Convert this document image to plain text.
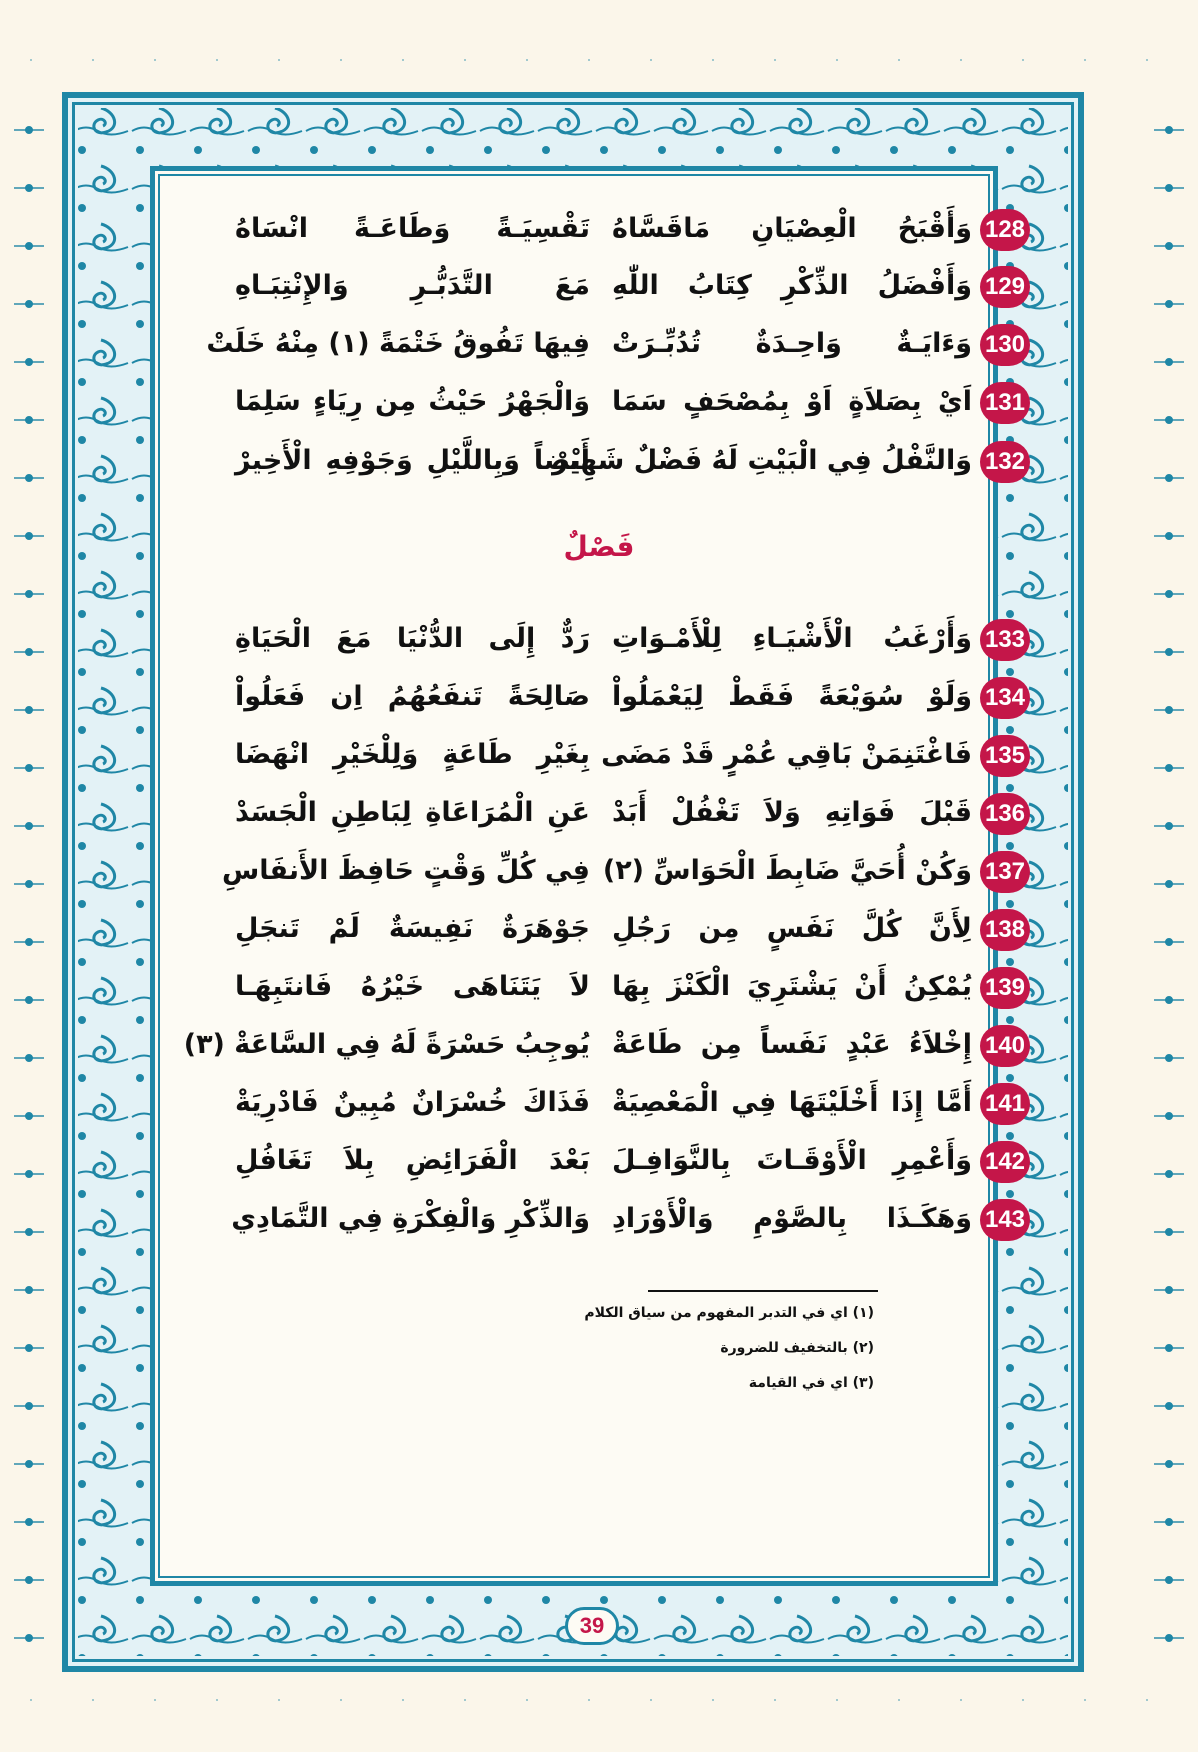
128
وَأَقْبَحُ الْعِصْيَانِ مَاقَسَّاهُ
تَقْسِيَـةً وَطَاعَـةً انْسَاهُ
129
وَأَفْضَلُ الذِّكْرِ كِتَابُ اللّٰهِ
مَعَ التَّدَبُّـرِ وَالإِنْتِبَـاهِ
130
وَءَايَـةٌ وَاحِـدَةٌ تُدُبِّـرَتْ
فِيهَا تَفُوقُ خَتْمَةً (١) مِنْهُ خَلَتْ
131
اَيْ بِصَلاَةٍ اَوْ بِمُصْحَفٍ سَمَا
وَالْجَهْرُ حَيْثُ مِن رِيَاءٍ سَلِمَا
132
وَالنَّفْلُ فِي الْبَيْتِ لَهُ فَضْلٌ شَهِيرْ
أَيْضاً وَبِاللَّيْلِ وَجَوْفِهِ الْأَخِيرْ
133
وَأَرْغَبُ الْأَشْيَـاءِ لِلْأَمْـوَاتِ
رَدٌّ إِلَى الدُّنْيَا مَعَ الْحَيَاةِ
134
وَلَوْ سُوَيْعَةً فَقَطْ لِيَعْمَلُواْ
صَالِحَةً تَنفَعُهُمُ اِن فَعَلُواْ
135
فَاغْتَنِمَنْ بَاقِي عُمْرٍ قَدْ مَضَى
بِغَيْرِ طَاعَةٍ وَلِلْخَيْرِ انْهَضَا
136
قَبْلَ فَوَاتِهِ وَلاَ تَغْفُلْ أَبَدْ
عَنِ الْمُرَاعَاةِ لِبَاطِنِ الْجَسَدْ
137
وَكُنْ أُحَيَّ ضَابِطَ الْحَوَاسِّ (٢)
فِي كُلِّ وَقْتٍ حَافِظَ الأَنفَاسِ
138
لِأَنَّ كُلَّ نَفَسٍ مِن رَجُلِ
جَوْهَرَةٌ نَفِيسَةٌ لَمْ تَنجَلِ
139
يُمْكِنُ أَنْ يَشْتَرِيَ الْكَنْزَ بِهَا
لاَ يَتَنَاهَى خَيْرُهُ فَانتَبِهَـا
140
إِخْلاَءُ عَبْدٍ نَفَساً مِن طَاعَةْ
يُوجِبُ حَسْرَةً لَهُ فِي السَّاعَةْ (٣)
141
أَمَّا إِذَا أَخْلَيْتَهَا فِي الْمَعْصِيَةْ
فَذَاكَ خُسْرَانٌ مُبِينٌ فَادْرِيَةْ
142
وَأَعْمِرِ الْأَوْقَـاتَ بِالنَّوَافِـلَ
بَعْدَ الْفَرَائِضِ بِلاَ تَغَافُلِ
143
وَهَكَـذَا بِالصَّوْمِ وَالْأَوْرَادِ
وَالذِّكْرِ وَالْفِكْرَةِ فِي التَّمَادِي
فَصْلٌ
(١) اي في التدبر المفهوم من سياق الكلام
(٢) بالتخفيف للضرورة
(٣) اي في القيامة
39
